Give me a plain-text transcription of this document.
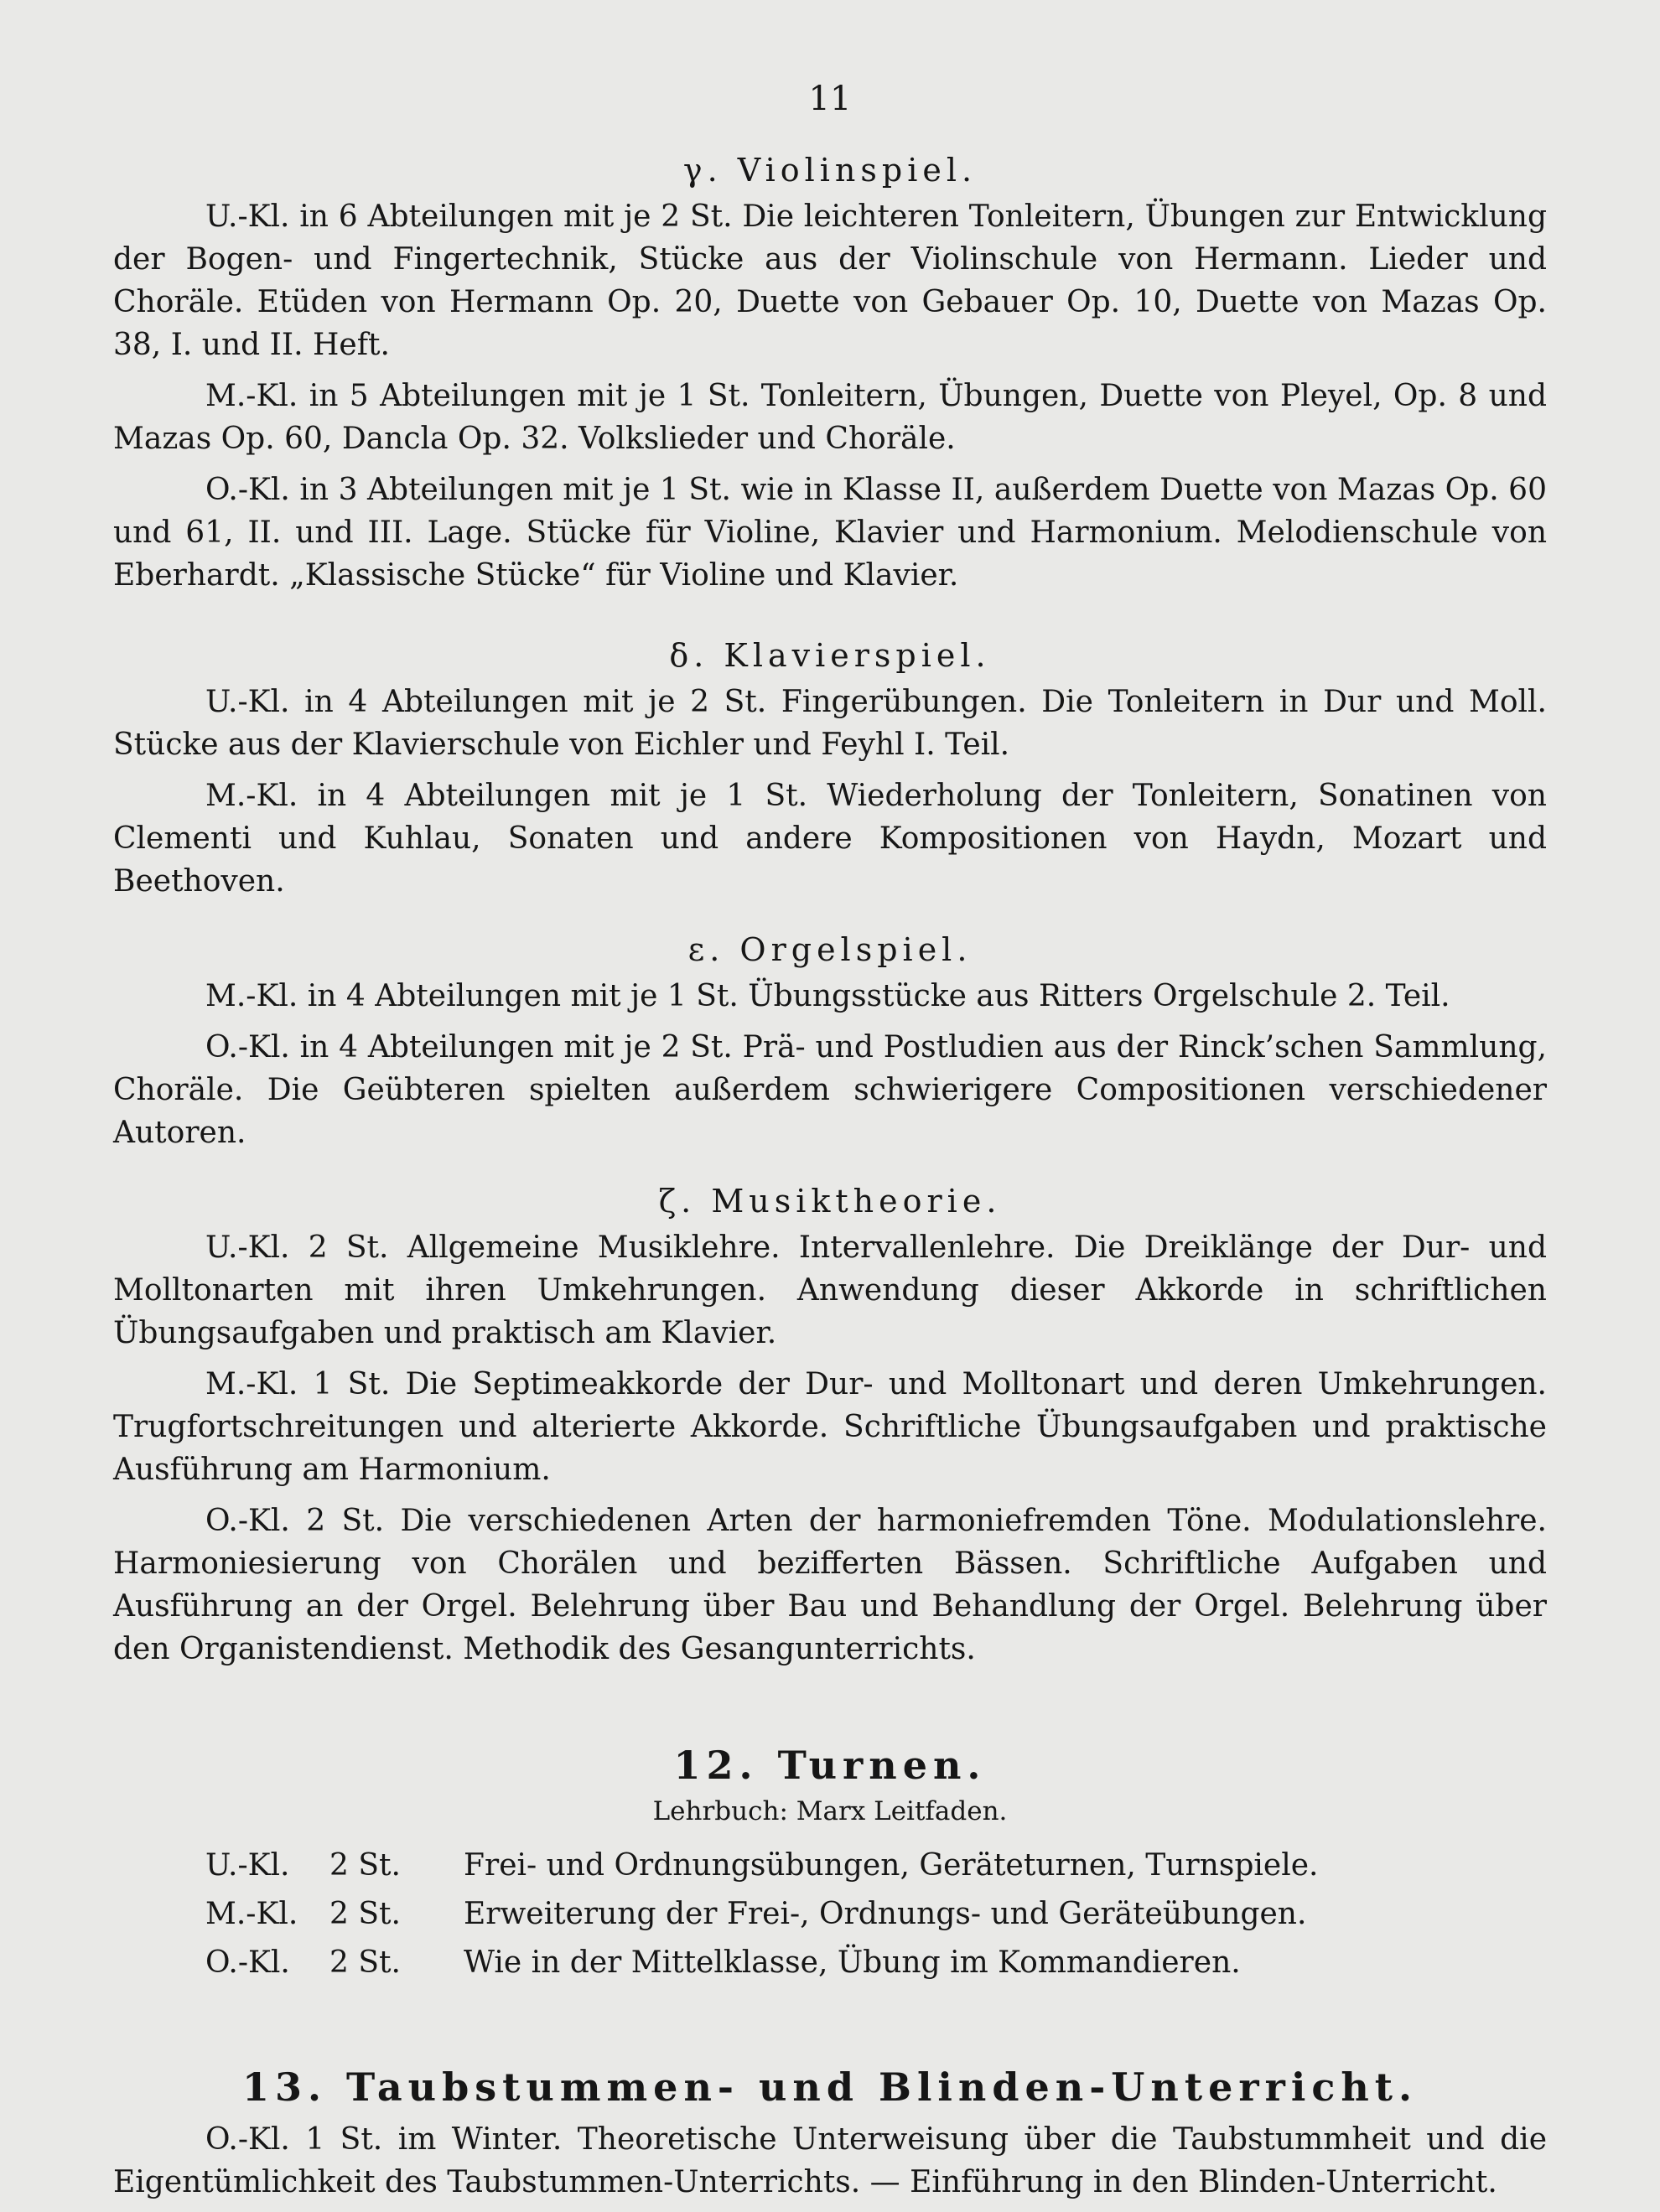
11
γ. Violinspiel.

U.-Kl. in 6 Abteilungen mit je 2 St. Die leichteren Tonleitern, Übungen zur Entwicklung der Bogen- und Fingertechnik, Stücke aus der Violinschule von Hermann. Lieder und Choräle. Etüden von Hermann Op. 20, Duette von Gebauer Op. 10, Duette von Mazas Op. 38, I. und II. Heft.

M.-Kl. in 5 Abteilungen mit je 1 St. Tonleitern, Übungen, Duette von Pleyel, Op. 8 und Mazas Op. 60, Dancla Op. 32. Volkslieder und Choräle.

O.-Kl. in 3 Abteilungen mit je 1 St. wie in Klasse II, außerdem Duette von Mazas Op. 60 und 61, II. und III. Lage. Stücke für Violine, Klavier und Harmonium. Melodienschule von Eberhardt. „Klassische Stücke“ für Violine und Klavier.

δ. Klavierspiel.

U.-Kl. in 4 Abteilungen mit je 2 St. Fingerübungen. Die Tonleitern in Dur und Moll. Stücke aus der Klavierschule von Eichler und Feyhl I. Teil.

M.-Kl. in 4 Abteilungen mit je 1 St. Wiederholung der Tonleitern, Sonatinen von Clementi und Kuhlau, Sonaten und andere Kompositionen von Haydn, Mozart und Beethoven.

ε. Orgelspiel.

M.-Kl. in 4 Abteilungen mit je 1 St. Übungsstücke aus Ritters Orgelschule 2. Teil.

O.-Kl. in 4 Abteilungen mit je 2 St. Prä- und Postludien aus der Rinck’schen Sammlung, Choräle. Die Geübteren spielten außerdem schwierigere Compositionen verschiedener Autoren.

ζ. Musiktheorie.

U.-Kl. 2 St. Allgemeine Musiklehre. Intervallenlehre. Die Dreiklänge der Dur- und Molltonarten mit ihren Umkehrungen. Anwendung dieser Akkorde in schriftlichen Übungsaufgaben und praktisch am Klavier.

M.-Kl. 1 St. Die Septimeakkorde der Dur- und Molltonart und deren Umkehrungen. Trugfortschreitungen und alterierte Akkorde. Schriftliche Übungsaufgaben und praktische Ausführung am Harmonium.

O.-Kl. 2 St. Die verschiedenen Arten der harmoniefremden Töne. Modulationslehre. Harmoniesierung von Chorälen und bezifferten Bässen. Schriftliche Aufgaben und Ausführung an der Orgel. Belehrung über Bau und Behandlung der Orgel. Belehrung über den Organistendienst. Methodik des Gesangunterrichts.

12. Turnen.
Lehrbuch: Marx Leitfaden.
U.-Kl.	2 St.	Frei- und Ordnungsübungen, Geräteturnen, Turnspiele.
M.-Kl.	2 St.	Erweiterung der Frei-, Ordnungs- und Geräteübungen.
O.-Kl.	2 St.	Wie in der Mittelklasse, Übung im Kommandieren.
13. Taubstummen- und Blinden-Unterricht.

O.-Kl. 1 St. im Winter. Theoretische Unterweisung über die Taubstummheit und die Eigentümlichkeit des Taubstummen-Unterrichts. — Einführung in den Blinden-Unterricht.
